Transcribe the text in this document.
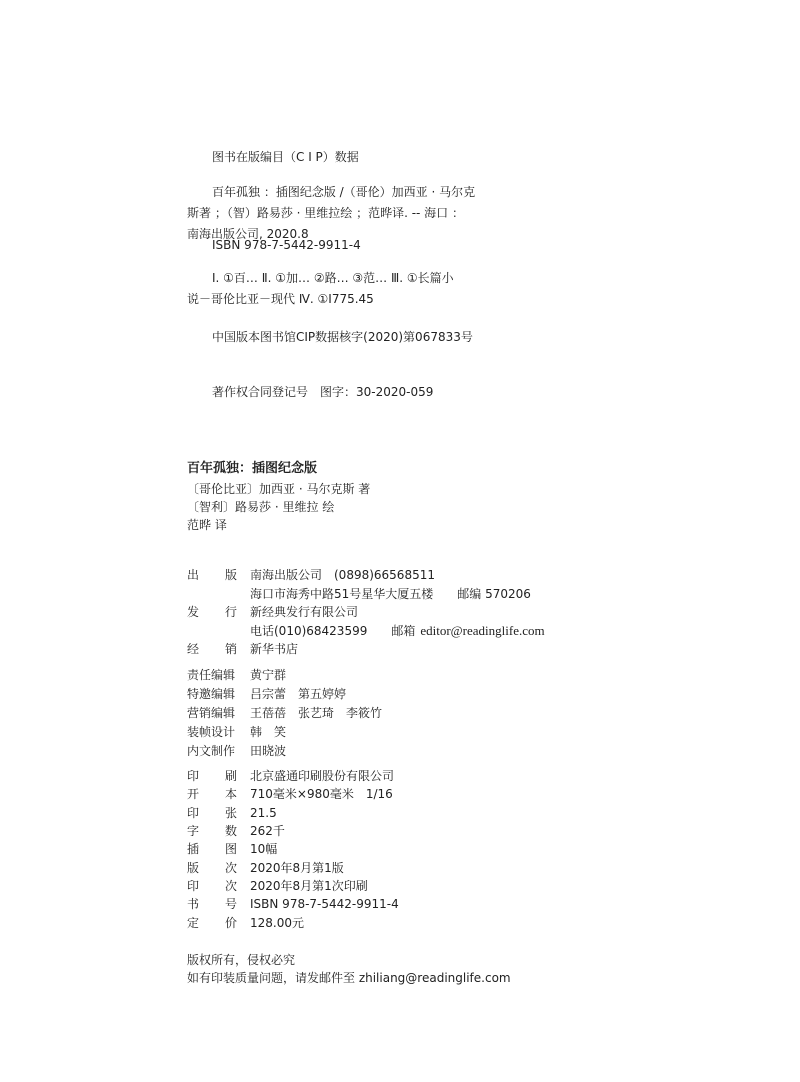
图书在版编目（C I P）数据
百年孤独 ：插图纪念版 /（哥伦）加西亚 · 马尔克
斯著 ；（智）路易莎 · 里维拉绘 ；范晔译. -- 海口 ：
南海出版公司, 2020.8
ISBN 978-7-5442-9911-4
Ⅰ. ①百… Ⅱ. ①加… ②路… ③范… Ⅲ. ①长篇小
说－哥伦比亚－现代 Ⅳ. ①I775.45
中国版本图书馆CIP数据核字(2020)第067833号
著作权合同登记号　图字：30-2020-059
百年孤独：插图纪念版
〔哥伦比亚〕加西亚 · 马尔克斯 著
〔智利〕路易莎 · 里维拉 绘
范晔 译
出 版 南海出版公司　(0898)66568511
海口市海秀中路51号星华大厦五楼　　邮编 570206
发 行 新经典发行有限公司
电话(010)68423599　　邮箱 editor@readinglife.com
经 销 新华书店
责任编辑 黄宁群
特邀编辑 吕宗蕾　第五婷婷
营销编辑 王蓓蓓　张艺琦　李筱竹
装帧设计 韩　笑
内文制作 田晓波
印 刷 北京盛通印刷股份有限公司
开 本 710毫米×980毫米　1/16
印 张 21.5
字 数 262千
插 图 10幅
版 次 2020年8月第1版
印 次 2020年8月第1次印刷
书 号 ISBN 978-7-5442-9911-4
定 价 128.00元
版权所有，侵权必究
如有印装质量问题，请发邮件至 zhiliang@readinglife.com
